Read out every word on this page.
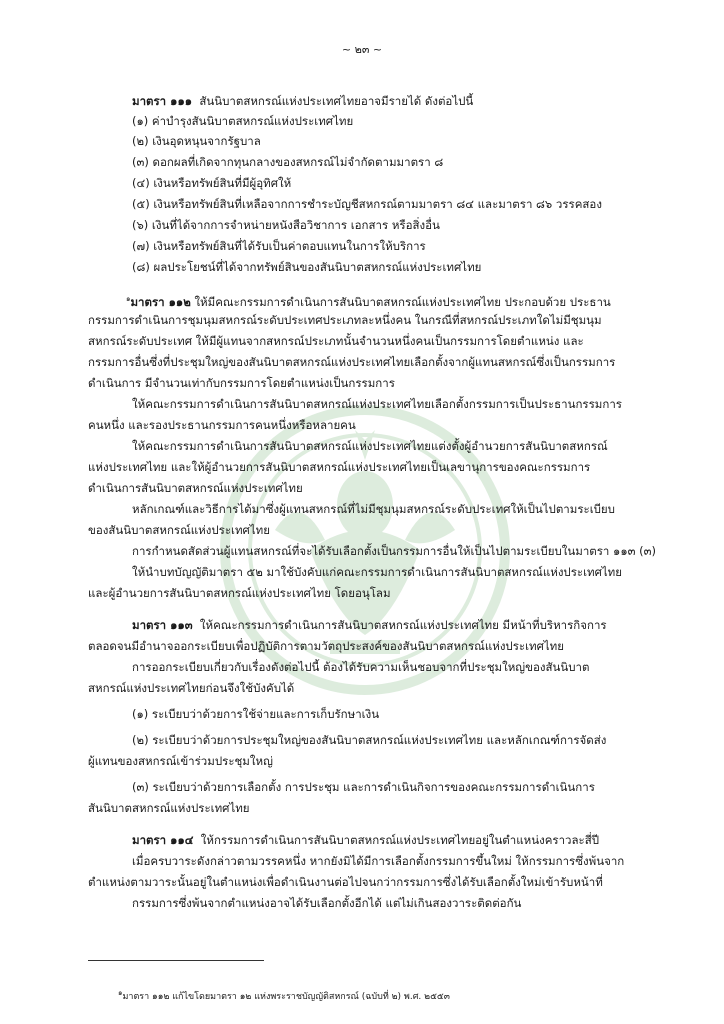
~ ๒๓ ~
มาตรา ๑๑๑ สันนิบาตสหกรณ์แห่งประเทศไทยอาจมีรายได้ ดังต่อไปนี้
(๑) ค่าบำรุงสันนิบาตสหกรณ์แห่งประเทศไทย
(๒) เงินอุดหนุนจากรัฐบาล
(๓) ดอกผลที่เกิดจากทุนกลางของสหกรณ์ไม่จำกัดตามมาตรา ๘
(๔) เงินหรือทรัพย์สินที่มีผู้อุทิศให้
(๕) เงินหรือทรัพย์สินที่เหลือจากการชำระบัญชีสหกรณ์ตามมาตรา ๘๔ และมาตรา ๘๖ วรรคสอง
(๖) เงินที่ได้จากการจำหน่ายหนังสือวิชาการ เอกสาร หรือสิ่งอื่น
(๗) เงินหรือทรัพย์สินที่ได้รับเป็นค่าตอบแทนในการให้บริการ
(๘) ผลประโยชน์ที่ได้จากทรัพย์สินของสันนิบาตสหกรณ์แห่งประเทศไทย
$^๑$มาตรา ๑๑๒ ให้มีคณะกรรมการดำเนินการสันนิบาตสหกรณ์แห่งประเทศไทย ประกอบด้วย ประธาน
กรรมการดำเนินการชุมนุมสหกรณ์ระดับประเทศประเภทละหนึ่งคน ในกรณีที่สหกรณ์ประเภทใดไม่มีชุมนุม
สหกรณ์ระดับประเทศ ให้มีผู้แทนจากสหกรณ์ประเภทนั้นจำนวนหนึ่งคนเป็นกรรมการโดยตำแหน่ง และ
กรรมการอื่นซึ่งที่ประชุมใหญ่ของสันนิบาตสหกรณ์แห่งประเทศไทยเลือกตั้งจากผู้แทนสหกรณ์ซึ่งเป็นกรรมการ
ดำเนินการ มีจำนวนเท่ากับกรรมการโดยตำแหน่งเป็นกรรมการ
ให้คณะกรรมการดำเนินการสันนิบาตสหกรณ์แห่งประเทศไทยเลือกตั้งกรรมการเป็นประธานกรรมการ
คนหนึ่ง และรองประธานกรรมการคนหนึ่งหรือหลายคน
ให้คณะกรรมการดำเนินการสันนิบาตสหกรณ์แห่งประเทศไทยแต่งตั้งผู้อำนวยการสันนิบาตสหกรณ์
แห่งประเทศไทย และให้ผู้อำนวยการสันนิบาตสหกรณ์แห่งประเทศไทยเป็นเลขานุการของคณะกรรมการ
ดำเนินการสันนิบาตสหกรณ์แห่งประเทศไทย
หลักเกณฑ์และวิธีการได้มาซึ่งผู้แทนสหกรณ์ที่ไม่มีชุมนุมสหกรณ์ระดับประเทศให้เป็นไปตามระเบียบ
ของสันนิบาตสหกรณ์แห่งประเทศไทย
การกำหนดสัดส่วนผู้แทนสหกรณ์ที่จะได้รับเลือกตั้งเป็นกรรมการอื่นให้เป็นไปตามระเบียบในมาตรา ๑๑๓ (๓)
ให้นำบทบัญญัติมาตรา ๕๒ มาใช้บังคับแก่คณะกรรมการดำเนินการสันนิบาตสหกรณ์แห่งประเทศไทย
และผู้อำนวยการสันนิบาตสหกรณ์แห่งประเทศไทย โดยอนุโลม
มาตรา ๑๑๓ ให้คณะกรรมการดำเนินการสันนิบาตสหกรณ์แห่งประเทศไทย มีหน้าที่บริหารกิจการ
ตลอดจนมีอำนาจออกระเบียบเพื่อปฏิบัติการตามวัตถุประสงค์ของสันนิบาตสหกรณ์แห่งประเทศไทย
การออกระเบียบเกี่ยวกับเรื่องดังต่อไปนี้ ต้องได้รับความเห็นชอบจากที่ประชุมใหญ่ของสันนิบาต
สหกรณ์แห่งประเทศไทยก่อนจึงใช้บังคับได้
(๑) ระเบียบว่าด้วยการใช้จ่ายและการเก็บรักษาเงิน
(๒) ระเบียบว่าด้วยการประชุมใหญ่ของสันนิบาตสหกรณ์แห่งประเทศไทย และหลักเกณฑ์การจัดส่ง
ผู้แทนของสหกรณ์เข้าร่วมประชุมใหญ่
(๓) ระเบียบว่าด้วยการเลือกตั้ง การประชุม และการดำเนินกิจการของคณะกรรมการดำเนินการ
สันนิบาตสหกรณ์แห่งประเทศไทย
มาตรา ๑๑๔ ให้กรรมการดำเนินการสันนิบาตสหกรณ์แห่งประเทศไทยอยู่ในตำแหน่งคราวละสี่ปี
เมื่อครบวาระดังกล่าวตามวรรคหนึ่ง หากยังมิได้มีการเลือกตั้งกรรมการขึ้นใหม่ ให้กรรมการซึ่งพ้นจาก
ตำแหน่งตามวาระนั้นอยู่ในตำแหน่งเพื่อดำเนินงานต่อไปจนกว่ากรรมการซึ่งได้รับเลือกตั้งใหม่เข้ารับหน้าที่
กรรมการซึ่งพ้นจากตำแหน่งอาจได้รับเลือกตั้งอีกได้ แต่ไม่เกินสองวาระติดต่อกัน
$^๑$มาตรา ๑๑๒ แก้ไขโดยมาตรา ๑๒ แห่งพระราชบัญญัติสหกรณ์ (ฉบับที่ ๒) พ.ศ. ๒๕๕๓
